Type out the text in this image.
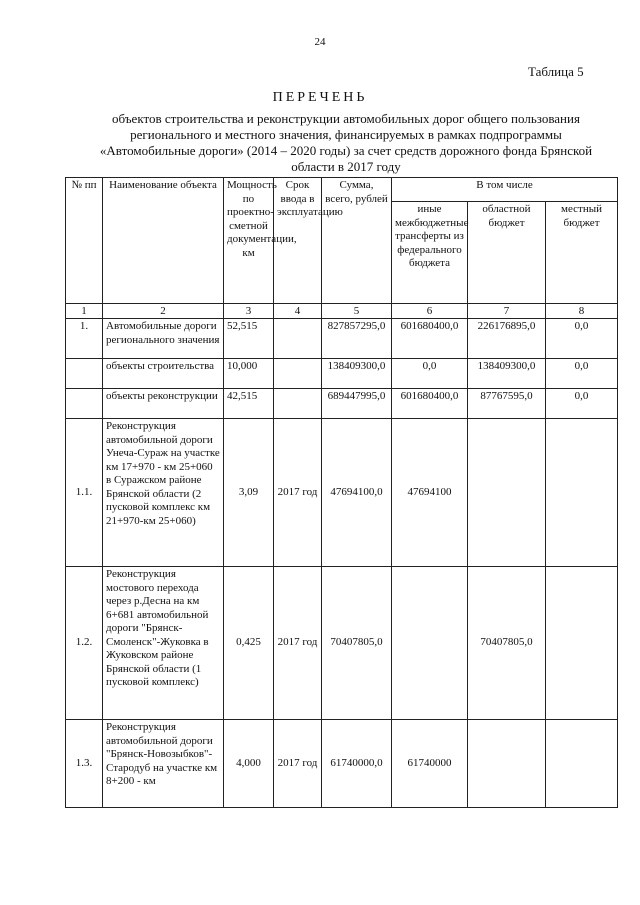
24
Таблица 5
ПЕРЕЧЕНЬ
объектов строительства и реконструкции автомобильных дорог общего пользования регионального и местного значения, финансируемых в рамках подпрограммы «Автомобильные дороги» (2014 – 2020 годы) за счет средств дорожного фонда Брянской области в 2017 году
№ пп	Наименование объекта	Мощность по проектно-сметной документации, км	Срок ввода в эксплуатацию	Сумма, всего, рублей	В том числе		
					иные межбюджетные трансферты из федерального бюджета	областной бюджет	местный бюджет
1	2	3	4	5	6	7	8
1.	Автомобильные дороги регионального значения	52,515		827857295,0	601680400,0	226176895,0	0,0
	объекты строительства	10,000		138409300,0	0,0	138409300,0	0,0
	объекты реконструкции	42,515		689447995,0	601680400,0	87767595,0	0,0
1.1.	Реконструкция автомобильной дороги Унеча-Сураж на участке км 17+970 - км 25+060 в Суражском районе Брянской области (2 пусковой комплекс км 21+970-км 25+060)	3,09	2017 год	47694100,0	47694100		
1.2.	Реконструкция мостового перехода через р.Десна на км 6+681 автомобильной дороги "Брянск-Смоленск"-Жуковка в Жуковском районе Брянской области (1 пусковой комплекс)	0,425	2017 год	70407805,0		70407805,0	
1.3.	Реконструкция автомобильной дороги "Брянск-Новозыбков"-Стародуб на участке км 8+200 - км	4,000	2017 год	61740000,0	61740000		
